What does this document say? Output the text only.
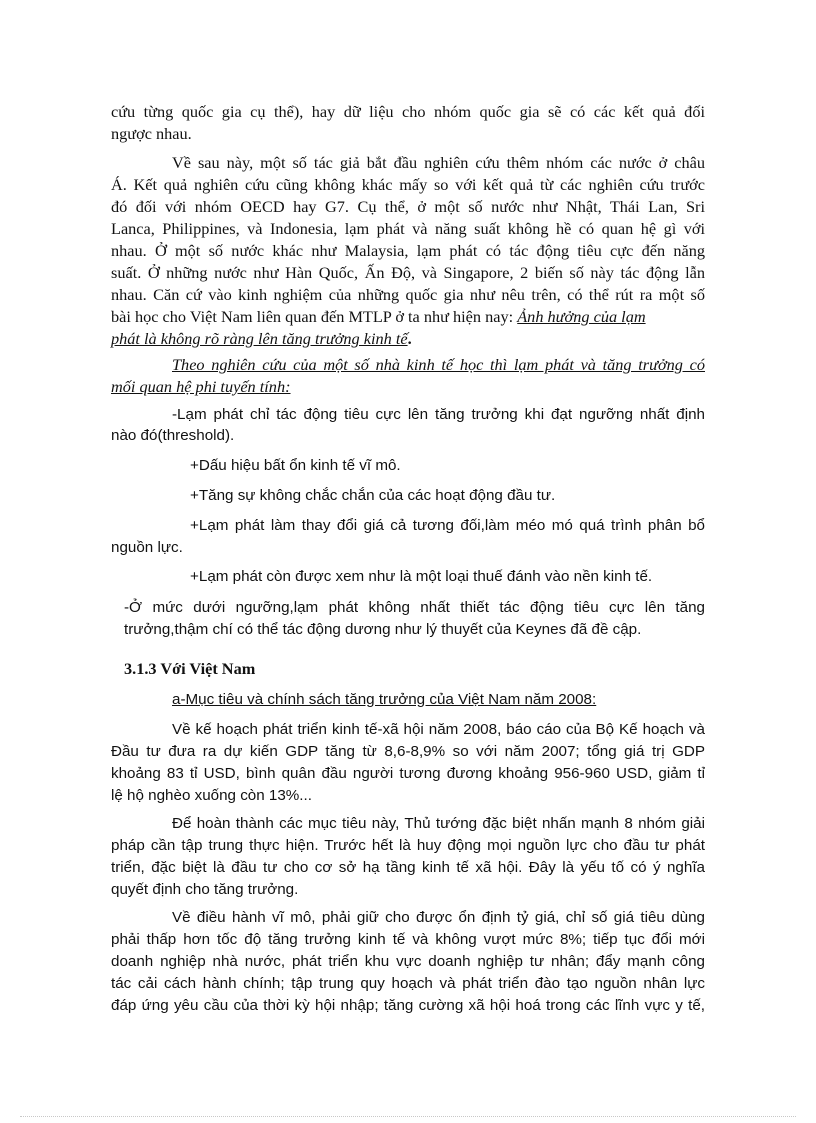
cứu từng quốc gia cụ thể), hay dữ liệu cho nhóm quốc gia sẽ có các kết quả đối
ngược nhau.
Về sau này, một số tác giả bắt đầu nghiên cứu thêm nhóm các nước ở châu
Á. Kết quả nghiên cứu cũng không khác mấy so với kết quả từ các nghiên cứu trước
đó đối với nhóm OECD hay G7. Cụ thể, ở một số nước như Nhật, Thái Lan, Sri
Lanca, Philippines, và Indonesia, lạm phát và năng suất không hề có quan hệ gì với
nhau. Ở một số nước khác như Malaysia, lạm phát có tác động tiêu cực đến năng
suất. Ở những nước như Hàn Quốc, Ấn Độ, và Singapore, 2 biến số này tác động lẫn
nhau. Căn cứ vào kinh nghiệm của những quốc gia như nêu trên, có thể rút ra một số
bài học cho Việt Nam liên quan đến MTLP ở ta như hiện nay: Ảnh hưởng của lạm
phát là không rõ ràng lên tăng trưởng kinh tế.
Theo nghiên cứu của một số nhà kinh tế học thì lạm phát và tăng trưởng có
mối quan hệ phi tuyến tính:
-Lạm phát chỉ tác động tiêu cực lên tăng trưởng khi đạt ngưỡng nhất định
nào đó(threshold).
+Dấu hiệu bất ổn kinh tế vĩ mô.
+Tăng sự không chắc chắn của các hoạt động đầu tư.
+Lạm phát làm thay đổi giá cả tương đối,làm méo mó quá trình phân bổ
nguồn lực.
+Lạm phát còn được xem như là một loại thuế đánh vào nền kinh tế.
-Ở mức dưới ngưỡng,lạm phát không nhất thiết tác động tiêu cực lên tăng
trưởng,thậm chí có thể tác động dương như lý thuyết của Keynes đã đề cập.
3.1.3 Với Việt Nam
a-Mục tiêu và chính sách tăng trưởng của Việt Nam năm 2008:
Về kế hoạch phát triển kinh tế-xã hội năm 2008, báo cáo của Bộ Kế hoạch và
Đầu tư đưa ra dự kiến GDP tăng từ 8,6-8,9% so với năm 2007; tổng giá trị GDP
khoảng 83 tỉ USD, bình quân đầu người tương đương khoảng 956-960 USD, giảm tỉ
lệ hộ nghèo xuống còn 13%...
Để hoàn thành các mục tiêu này, Thủ tướng đặc biệt nhấn mạnh 8 nhóm giải
pháp cần tập trung thực hiện. Trước hết là huy động mọi nguồn lực cho đầu tư phát
triển, đặc biệt là đầu tư cho cơ sở hạ tầng kinh tế xã hội. Đây là yếu tố có ý nghĩa
quyết định cho tăng trưởng.
Về điều hành vĩ mô, phải giữ cho được ổn định tỷ giá, chỉ số giá tiêu dùng
phải thấp hơn tốc độ tăng trưởng kinh tế và không vượt mức 8%; tiếp tục đổi mới
doanh nghiệp nhà nước, phát triển khu vực doanh nghiệp tư nhân; đẩy mạnh công
tác cải cách hành chính; tập trung quy hoạch và phát triển đào tạo nguồn nhân lực
đáp ứng yêu cầu của thời kỳ hội nhập; tăng cường xã hội hoá trong các lĩnh vực y tế,
